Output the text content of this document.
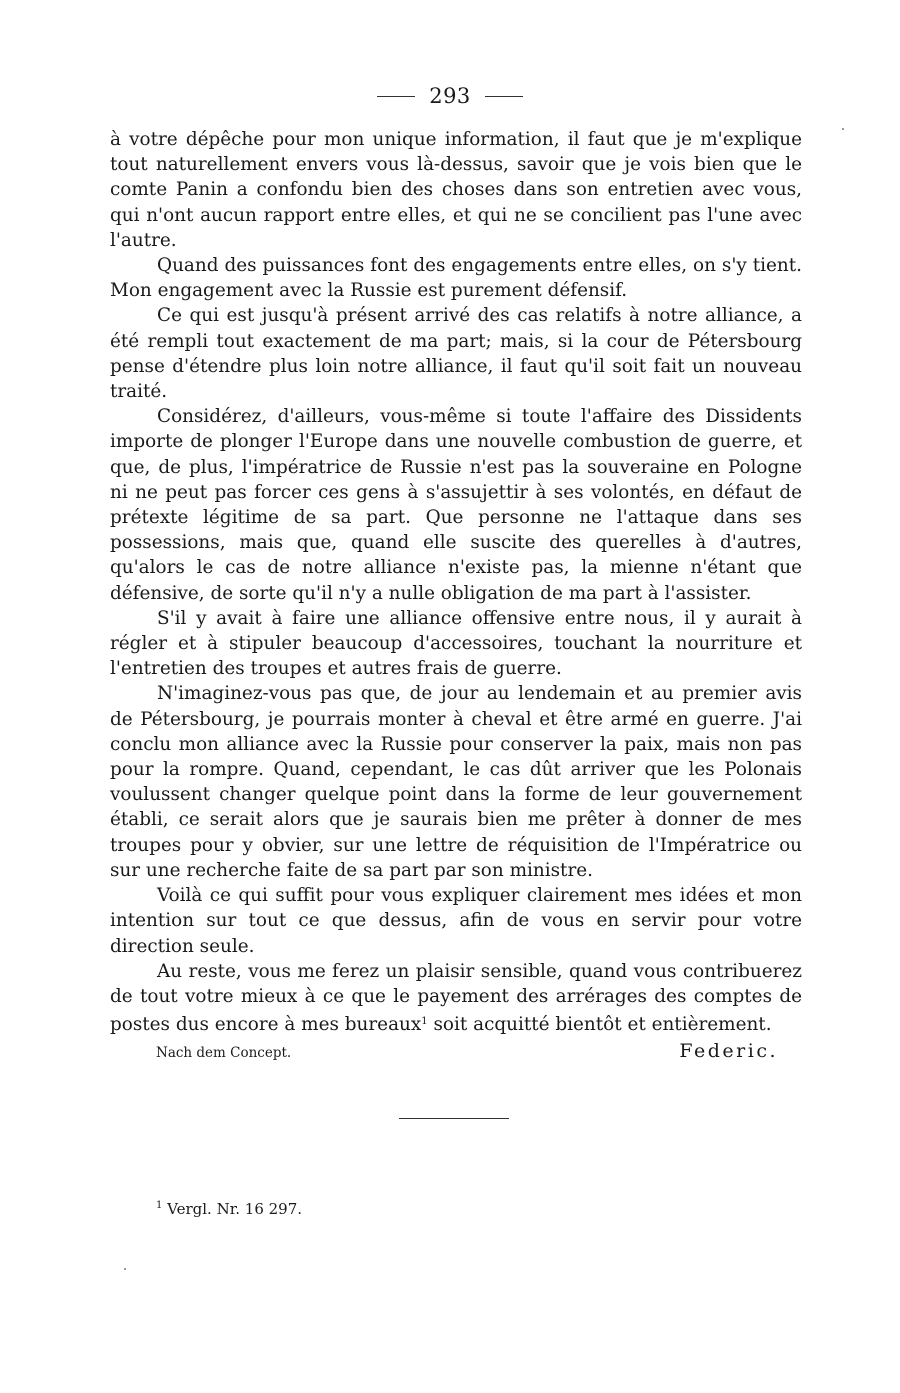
293

à votre dépêche pour mon unique information, il faut que je m'explique tout naturellement envers vous là-dessus, savoir que je vois bien que le comte Panin a confondu bien des choses dans son entretien avec vous, qui n'ont aucun rapport entre elles, et qui ne se concilient pas l'une avec l'autre.

Quand des puissances font des engagements entre elles, on s'y tient. Mon engagement avec la Russie est purement défensif.

Ce qui est jusqu'à présent arrivé des cas relatifs à notre alliance, a été rempli tout exactement de ma part; mais, si la cour de Pétersbourg pense d'étendre plus loin notre alliance, il faut qu'il soit fait un nouveau traité.

Considérez, d'ailleurs, vous-même si toute l'affaire des Dissidents importe de plonger l'Europe dans une nouvelle combustion de guerre, et que, de plus, l'impératrice de Russie n'est pas la souveraine en Pologne ni ne peut pas forcer ces gens à s'assujettir à ses volontés, en défaut de prétexte légitime de sa part. Que personne ne l'attaque dans ses possessions, mais que, quand elle suscite des querelles à d'autres, qu'alors le cas de notre alliance n'existe pas, la mienne n'étant que défensive, de sorte qu'il n'y a nulle obligation de ma part à l'assister.

S'il y avait à faire une alliance offensive entre nous, il y aurait à régler et à stipuler beaucoup d'accessoires, touchant la nourriture et l'entretien des troupes et autres frais de guerre.

N'imaginez-vous pas que, de jour au lendemain et au premier avis de Pétersbourg, je pourrais monter à cheval et être armé en guerre. J'ai conclu mon alliance avec la Russie pour conserver la paix, mais non pas pour la rompre. Quand, cependant, le cas dût arriver que les Polonais voulussent changer quelque point dans la forme de leur gouvernement établi, ce serait alors que je saurais bien me prêter à donner de mes troupes pour y obvier, sur une lettre de réquisition de l'Impératrice ou sur une recherche faite de sa part par son ministre.

Voilà ce qui suffit pour vous expliquer clairement mes idées et mon intention sur tout ce que dessus, afin de vous en servir pour votre direction seule.

Au reste, vous me ferez un plaisir sensible, quand vous contribuerez de tout votre mieux à ce que le payement des arrérages des comptes de postes dus encore à mes bureaux$^1$ soit acquitté bientôt et entièrement.

Nach dem Concept.	Federic.
$^1$ Vergl. Nr. 16 297.
